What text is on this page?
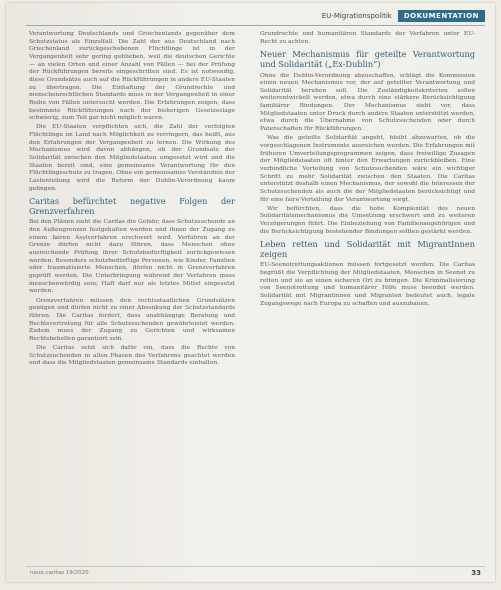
EU-Migrationspolitik	DOKUMENTATION

Verantwortung Deutschlands und Griechenlands gegenüber dem Schutzstatus als Einzelfall. Die Zahl der aus Deutschland nach Griechenland zurückgeschobenen Flüchtlinge ist in der Vergangenheit sehr gering geblieben, weil die deutschen Gerichte — an vielen Orten und einer Anzahl von Fällen — bei der Prüfung der Rückführungen bereits eingeschritten sind. Es ist notwendig, diese Grundsätze auch auf die Rückführungen in andere EU-Staaten zu übertragen. Die Einhaltung der Grundrechte und menschenrechtlichen Standards muss in der Vergangenheit in einer Reihe von Fällen untersucht werden. Die Erfahrungen zeigen, dass bestimmte Rückführungen nach der bisherigen Gesetzeslage schwierig, zum Teil gar nicht möglich waren.

Die EU-Staaten verpflichten sich, die Zahl der verfolgten Flüchtlinge im Land nach Möglichkeit zu verringern, das heißt, aus den Erfahrungen der Vergangenheit zu lernen. Die Wirkung des Mechanismus wird davon abhängen, ob der Grundsatz der Solidarität zwischen den Mitgliedstaaten umgesetzt wird und die Staaten bereit sind, eine gemeinsame Verantwortung für den Flüchtlingsschutz zu tragen. Ohne ein gemeinsames Verständnis der Lastenteilung wird die Reform der Dublin-Verordnung kaum gelingen.

Caritas befürchtet negative Folgen der Grenzverfahren

Bei den Plänen sieht die Caritas die Gefahr, dass Schutzsuchende an den Außengrenzen festgehalten werden und ihnen der Zugang zu einem fairen Asylverfahren erschwert wird. Verfahren an der Grenze dürfen nicht dazu führen, dass Menschen ohne ausreichende Prüfung ihrer Schutzbedürftigkeit zurückgewiesen werden. Besonders schutzbedürftige Personen, wie Kinder, Familien oder traumatisierte Menschen, dürfen nicht in Grenzverfahren geprüft werden. Die Unterbringung während der Verfahren muss menschenwürdig sein; Haft darf nur als letztes Mittel eingesetzt werden.

Grenzverfahren müssen den rechtsstaatlichen Grundsätzen genügen und dürfen nicht zu einer Absenkung der Schutzstandards führen. Die Caritas fordert, dass unabhängige Beratung und Rechtsvertretung für alle Schutzsuchenden gewährleistet werden. Zudem muss der Zugang zu Gerichten und wirksamen Rechtsbehelfen garantiert sein.

Die Caritas setzt sich dafür ein, dass die Rechte von Schutzsuchenden in allen Phasen des Verfahrens geachtet werden und dass die Mitgliedstaaten gemeinsame Standards einhalten.

Grundrechte und humanitären Standards der Verfahren unter EU-Recht zu achten.

Neuer Mechanismus für geteilte Verantwortung und Solidarität („Ex-Dublin“)

Ohne die Dublin-Verordnung abzuschaffen, schlägt die Kommission einen neuen Mechanismus vor, der auf geteilter Verantwortung und Solidarität beruhen soll. Die Zuständigkeitskriterien sollen weiterentwickelt werden, etwa durch eine stärkere Berücksichtigung familiärer Bindungen. Der Mechanismus sieht vor, dass Mitgliedstaaten unter Druck durch andere Staaten unterstützt werden, etwa durch die Übernahme von Schutzsuchenden oder durch Patenschaften für Rückführungen.

Was die geteilte Solidarität angeht, bleibt abzuwarten, ob die vorgeschlagenen Instrumente ausreichen werden. Die Erfahrungen mit früheren Umverteilungsprogrammen zeigen, dass freiwillige Zusagen der Mitgliedstaaten oft hinter den Erwartungen zurückbleiben. Eine verbindliche Verteilung von Schutzsuchenden wäre ein wichtiger Schritt zu mehr Solidarität zwischen den Staaten. Die Caritas unterstützt deshalb einen Mechanismus, der sowohl die Interessen der Schutzsuchenden als auch die der Mitgliedstaaten berücksichtigt und für eine faire Verteilung der Verantwortung sorgt.

Wir befürchten, dass die hohe Komplexität des neuen Solidaritätsmechanismus die Umsetzung erschwert und zu weiteren Verzögerungen führt. Die Einbeziehung von Familienangehörigen und die Berücksichtigung bestehender Bindungen sollten gestärkt werden.

Leben retten und Solidarität mit MigrantInnen zeigen

EU-Seenotrettungsaktionen müssen fortgesetzt werden. Die Caritas begrüßt die Verpflichtung der Mitgliedstaaten, Menschen in Seenot zu retten und sie an einen sicheren Ort zu bringen. Die Kriminalisierung von Seenotrettung und humanitärer Hilfe muss beendet werden. Solidarität mit Migrantinnen und Migranten bedeutet auch, legale Zugangswege nach Europa zu schaffen und auszubauen.

neue caritas 19/2020	33
